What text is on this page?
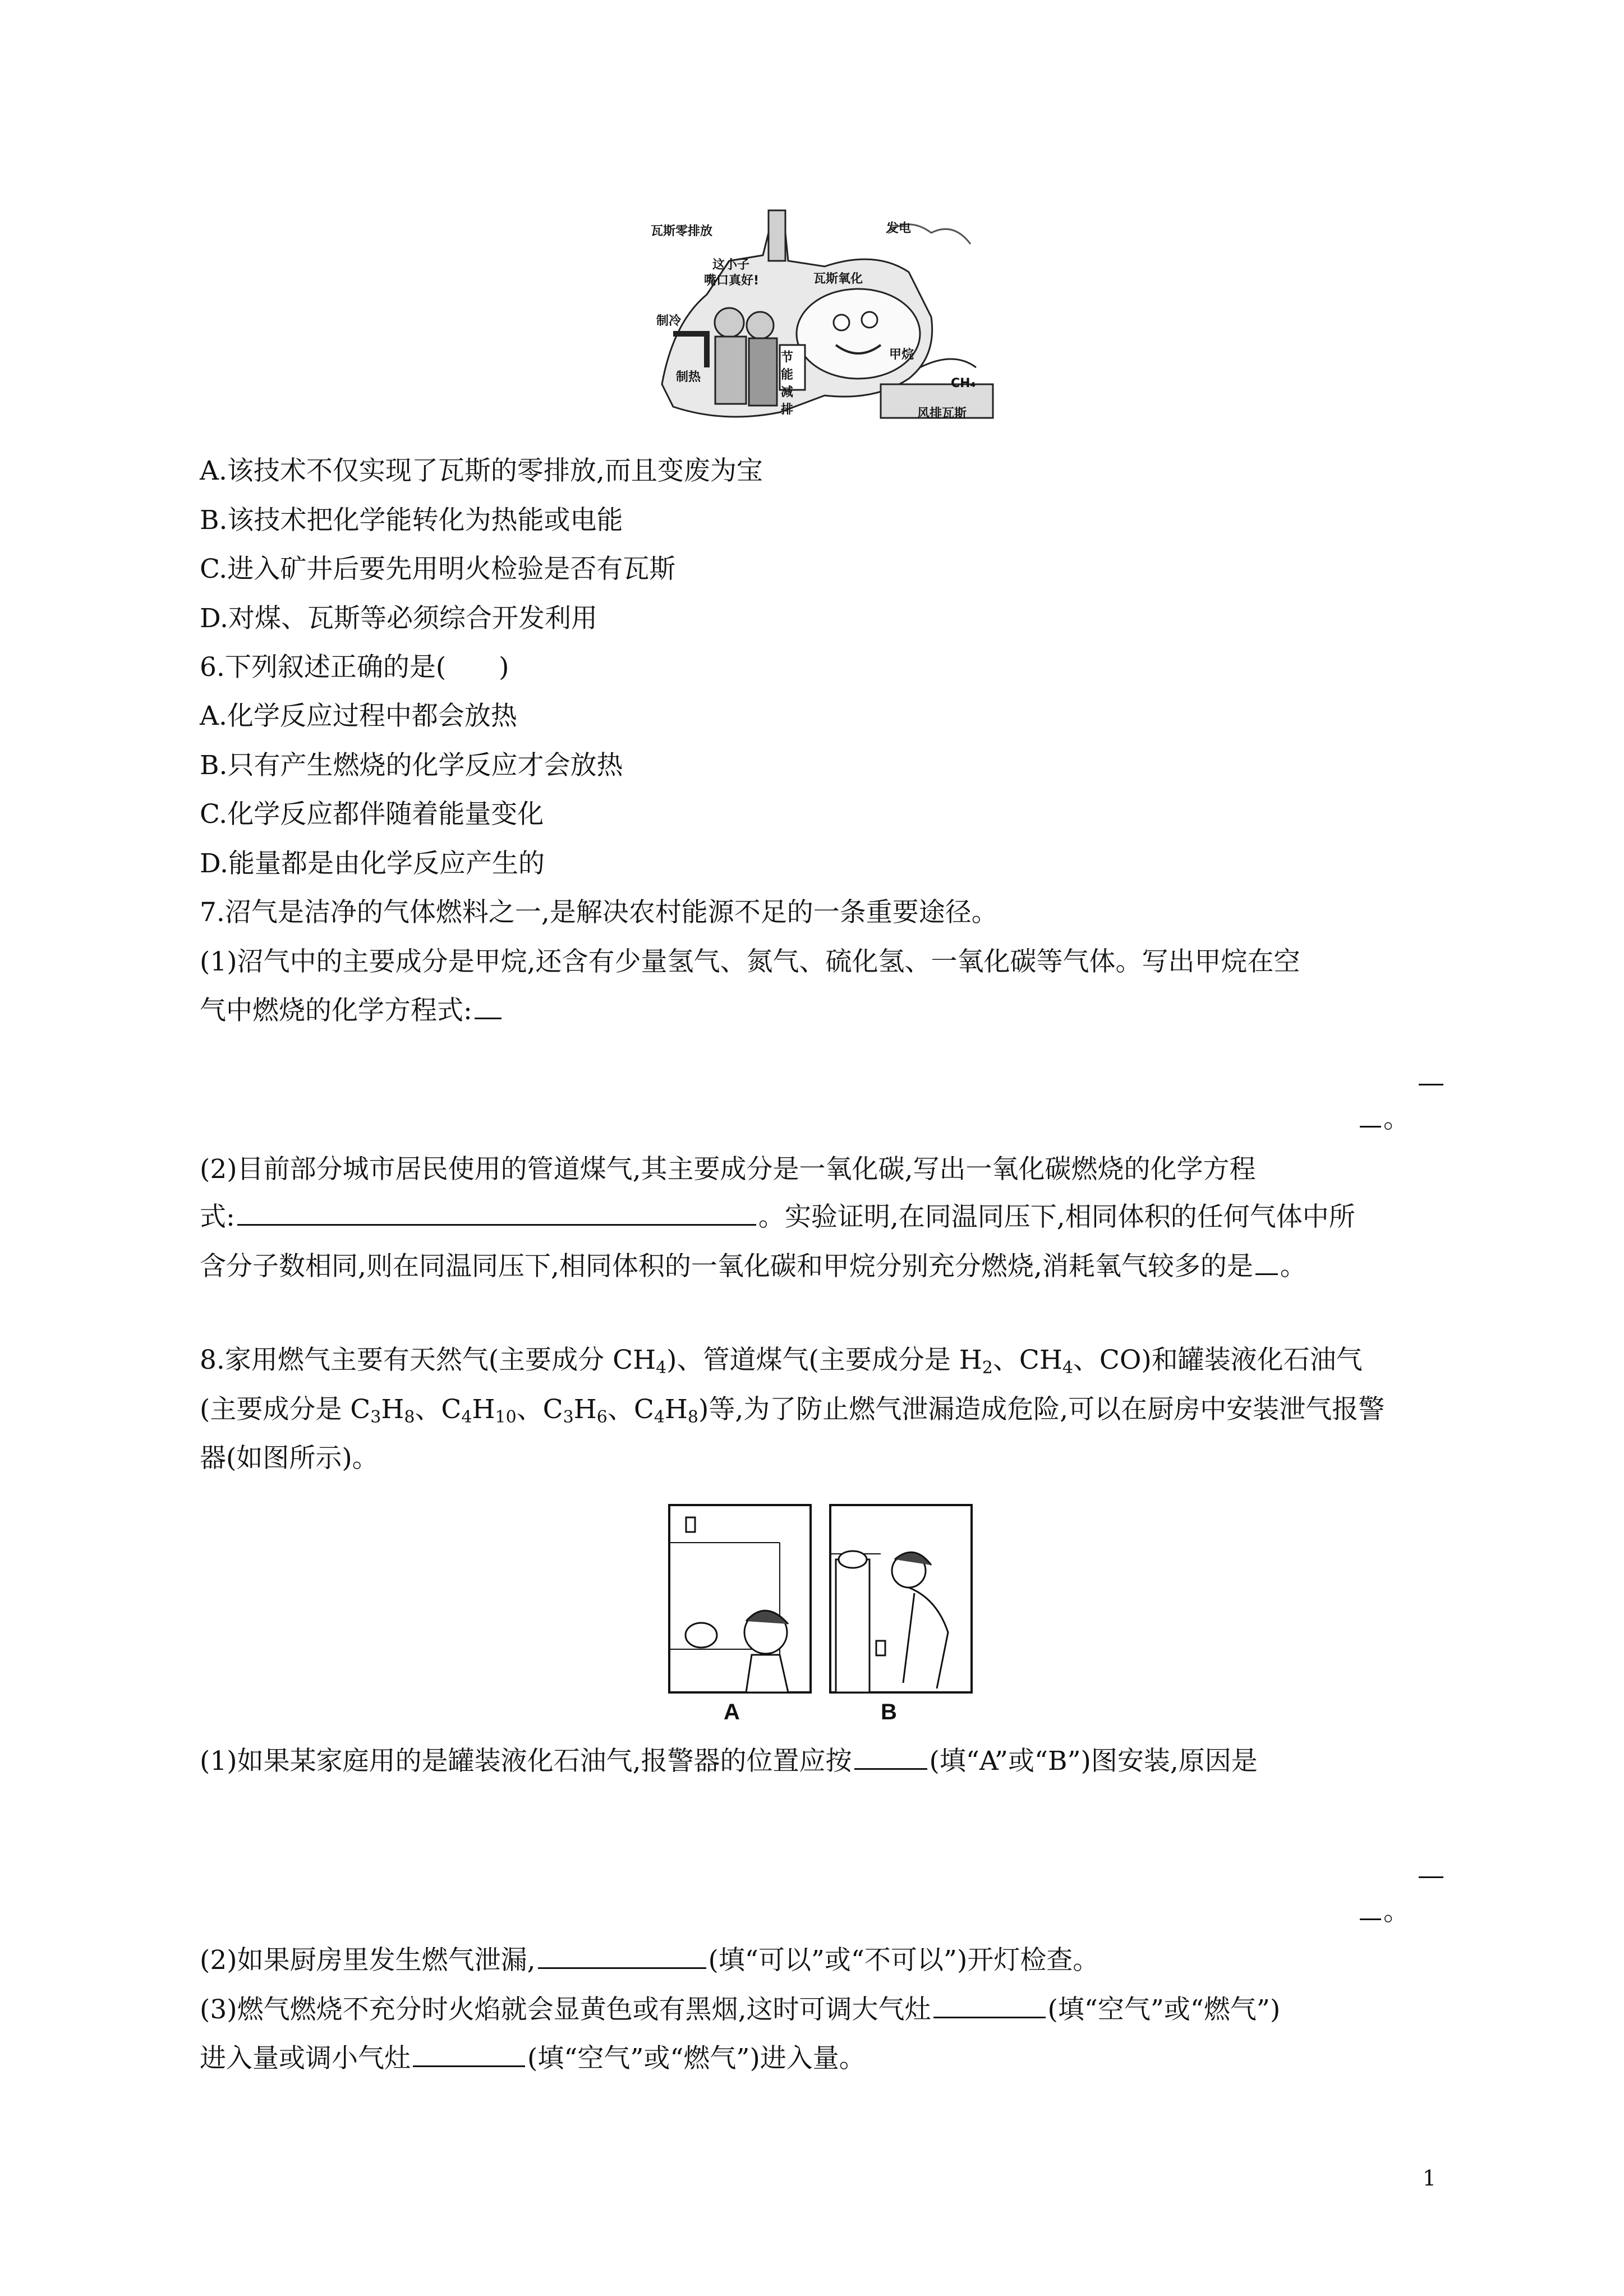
瓦斯零排放	发电
这小子
嘴口真好!	瓦斯氧化
制冷
制热
节能减排
甲烷
CH₄
风排瓦斯
A.该技术不仅实现了瓦斯的零排放,而且变废为宝
B.该技术把化学能转化为热能或电能
C.进入矿井后要先用明火检验是否有瓦斯
D.对煤、瓦斯等必须综合开发利用
6.下列叙述正确的是(　　)
A.化学反应过程中都会放热
B.只有产生燃烧的化学反应才会放热
C.化学反应都伴随着能量变化
D.能量都是由化学反应产生的
7.沼气是洁净的气体燃料之一,是解决农村能源不足的一条重要途径。
(1)沼气中的主要成分是甲烷,还含有少量氢气、氮气、硫化氢、一氧化碳等气体。写出甲烷在空
气中燃烧的化学方程式:
。
(2)目前部分城市居民使用的管道煤气,其主要成分是一氧化碳,写出一氧化碳燃烧的化学方程
式:	。实验证明,在同温同压下,相同体积的任何气体中所
含分子数相同,则在同温同压下,相同体积的一氧化碳和甲烷分别充分燃烧,消耗氧气较多的是 。
8.家用燃气主要有天然气(主要成分 $CH_4$)、管道煤气(主要成分是 $H_2$、$CH_4$、CO)和罐装液化石油气
(主要成分是 $C_3H_8$、$C_4H_{10}$、$C_3H_6$、$C_4H_8$)等,为了防止燃气泄漏造成危险,可以在厨房中安装泄气报警
器(如图所示)。
A	B
(1)如果某家庭用的是罐装液化石油气,报警器的位置应按	(填“A”或“B”)图安装,原因是
。
(2)如果厨房里发生燃气泄漏,	(填“可以”或“不可以”)开灯检查。
(3)燃气燃烧不充分时火焰就会显黄色或有黑烟,这时可调大气灶	(填“空气”或“燃气”)
进入量或调小气灶	(填“空气”或“燃气”)进入量。
1
